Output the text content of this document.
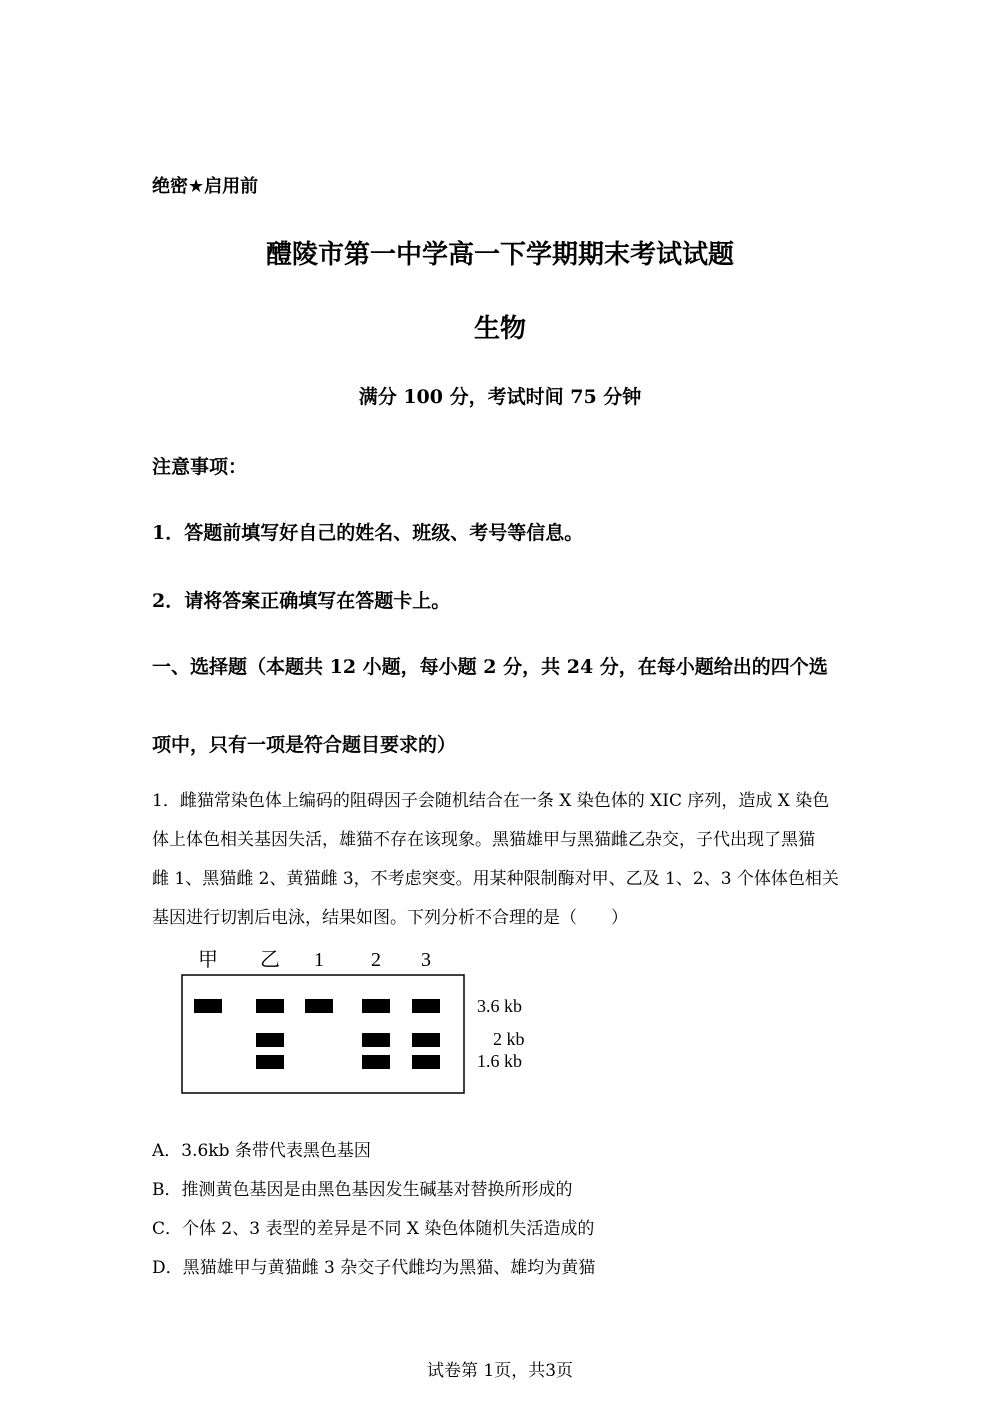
绝密★启用前
醴陵市第一中学高一下学期期末考试试题
生物
满分 100 分，考试时间 75 分钟
注意事项：
1．答题前填写好自己的姓名、班级、考号等信息。
2．请将答案正确填写在答题卡上。
一、选择题（本题共 12 小题，每小题 2 分，共 24 分，在每小题给出的四个选
项中，只有一项是符合题目要求的）
1．雌猫常染色体上编码的阻碍因子会随机结合在一条 X 染色体的 XIC 序列，造成 X 染色
体上体色相关基因失活，雄猫不存在该现象。黑猫雄甲与黑猫雌乙杂交，子代出现了黑猫
雌 1、黑猫雌 2、黄猫雌 3，不考虑突变。用某种限制酶对甲、乙及 1、2、3 个体体色相关
基因进行切割后电泳，结果如图。下列分析不合理的是（　　）
甲 乙 1 2 3
3.6 kb
2 kb
1.6 kb
A．3.6kb 条带代表黑色基因
B．推测黄色基因是由黑色基因发生碱基对替换所形成的
C．个体 2、3 表型的差异是不同 X 染色体随机失活造成的
D．黑猫雄甲与黄猫雌 3 杂交子代雌均为黑猫、雄均为黄猫
试卷第 1页，共3页
